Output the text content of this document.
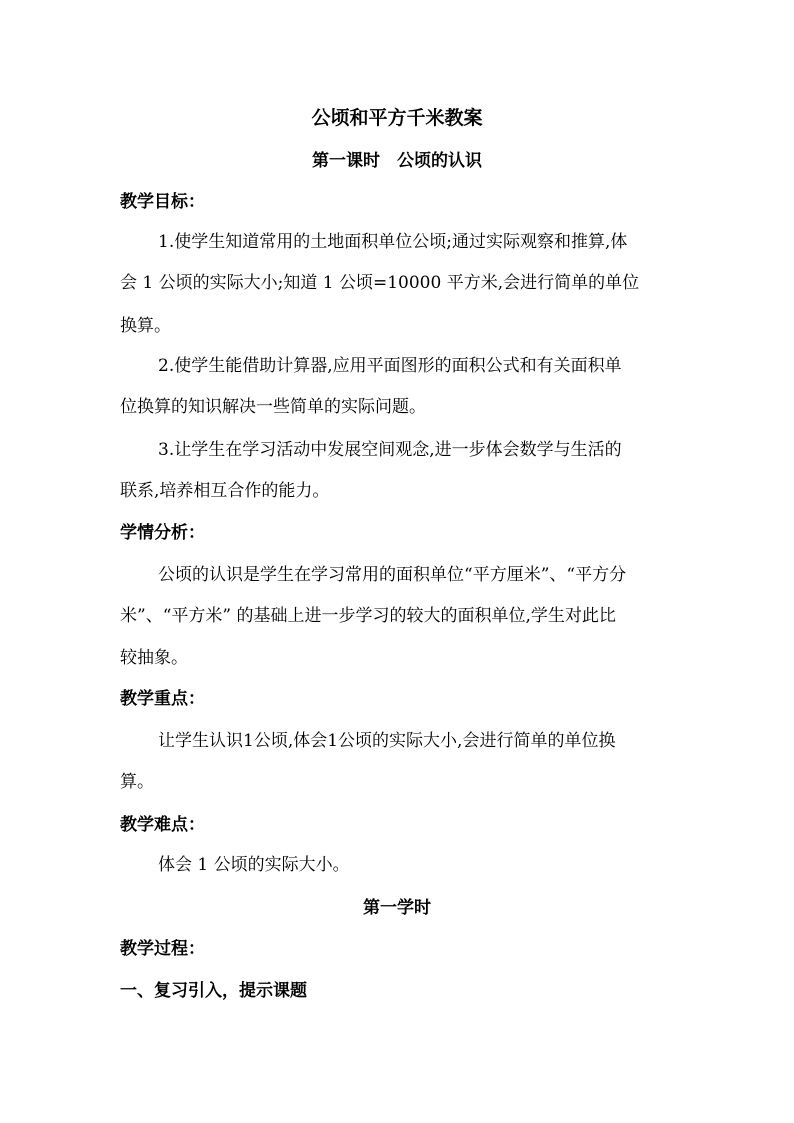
公顷和平方千米教案
第一课时　公顷的认识
教学目标：
1.使学生知道常用的土地面积单位公顷;通过实际观察和推算,体
会 1 公顷的实际大小;知道 1 公顷=10000 平方米,会进行简单的单位
换算。
2.使学生能借助计算器,应用平面图形的面积公式和有关面积单
位换算的知识解决一些简单的实际问题。
3.让学生在学习活动中发展空间观念,进一步体会数学与生活的
联系,培养相互合作的能力。
学情分析：
公顷的认识是学生在学习常用的面积单位“平方厘米”、“平方分
米”、“平方米” 的基础上进一步学习的较大的面积单位,学生对此比
较抽象。
教学重点：
让学生认识1公顷,体会1公顷的实际大小,会进行简单的单位换
算。
教学难点：
体会 1 公顷的实际大小。
第一学时
教学过程：
一、复习引入，提示课题
